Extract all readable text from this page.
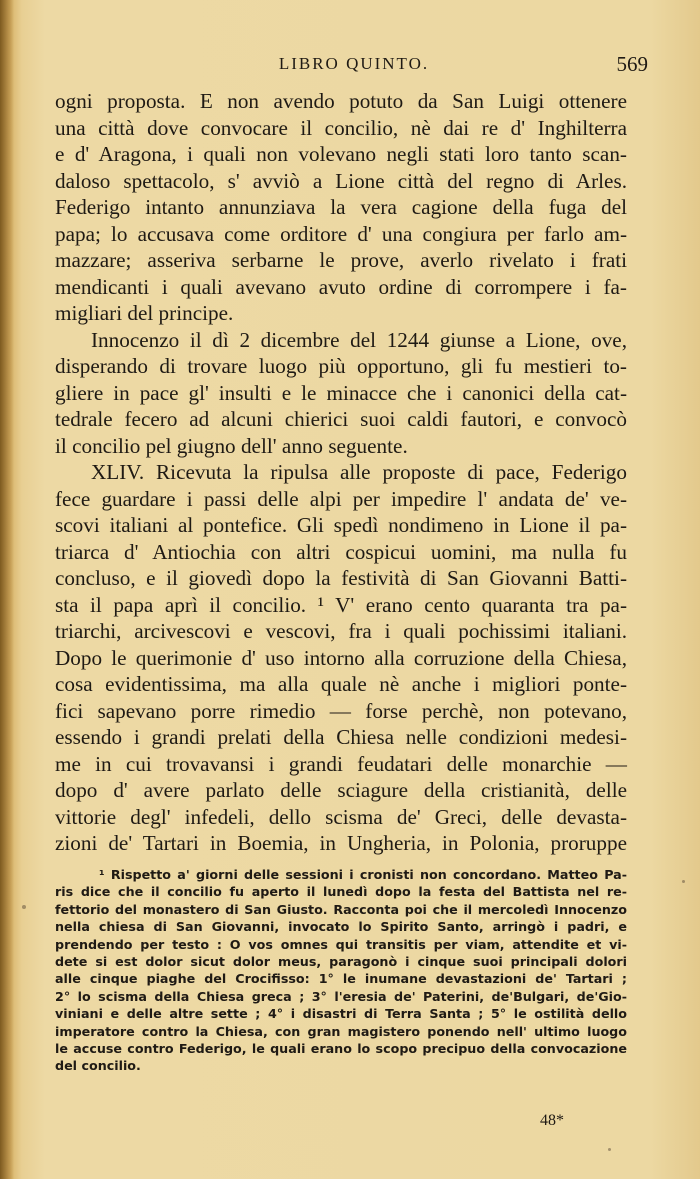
LIBRO QUINTO.	569
ogni proposta. E non avendo potuto da San Luigi ottenere
una città dove convocare il concilio, nè dai re d' Inghilterra
e d' Aragona, i quali non volevano negli stati loro tanto scan-
daloso spettacolo, s' avviò a Lione città del regno di Arles.
Federigo intanto annunziava la vera cagione della fuga del
papa; lo accusava come orditore d' una congiura per farlo am-
mazzare; asseriva serbarne le prove, averlo rivelato i frati
mendicanti i quali avevano avuto ordine di corrompere i fa-
migliari del principe.
Innocenzo il dì 2 dicembre del 1244 giunse a Lione, ove,
disperando di trovare luogo più opportuno, gli fu mestieri to-
gliere in pace gl' insulti e le minacce che i canonici della cat-
tedrale fecero ad alcuni chierici suoi caldi fautori, e convocò
il concilio pel giugno dell' anno seguente.
XLIV. Ricevuta la ripulsa alle proposte di pace, Federigo
fece guardare i passi delle alpi per impedire l' andata de' ve-
scovi italiani al pontefice. Gli spedì nondimeno in Lione il pa-
triarca d' Antiochia con altri cospicui uomini, ma nulla fu
concluso, e il giovedì dopo la festività di San Giovanni Batti-
sta il papa aprì il concilio. ¹ V' erano cento quaranta tra pa-
triarchi, arcivescovi e vescovi, fra i quali pochissimi italiani.
Dopo le querimonie d' uso intorno alla corruzione della Chiesa,
cosa evidentissima, ma alla quale nè anche i migliori ponte-
fici sapevano porre rimedio — forse perchè, non potevano,
essendo i grandi prelati della Chiesa nelle condizioni medesi-
me in cui trovavansi i grandi feudatari delle monarchie —
dopo d' avere parlato delle sciagure della cristianità, delle
vittorie degl' infedeli, dello scisma de' Greci, delle devasta-
zioni de' Tartari in Boemia, in Ungheria, in Polonia, proruppe
¹ Rispetto a' giorni delle sessioni i cronisti non concordano. Matteo Pa-
ris dice che il concilio fu aperto il lunedì dopo la festa del Battista nel re-
fettorio del monastero di San Giusto. Racconta poi che il mercoledì Innocenzo
nella chiesa di San Giovanni, invocato lo Spirito Santo, arringò i padri, e
prendendo per testo : O vos omnes qui transitis per viam, attendite et vi-
dete si est dolor sicut dolor meus, paragonò i cinque suoi principali dolori
alle cinque piaghe del Crocifisso: 1° le inumane devastazioni de' Tartari ;
2° lo scisma della Chiesa greca ; 3° l'eresia de' Paterini, de'Bulgari, de'Gio-
viniani e delle altre sette ; 4° i disastri di Terra Santa ; 5° le ostilità dello
imperatore contro la Chiesa, con gran magistero ponendo nell' ultimo luogo
le accuse contro Federigo, le quali erano lo scopo precipuo della convocazione
del concilio.
48*
